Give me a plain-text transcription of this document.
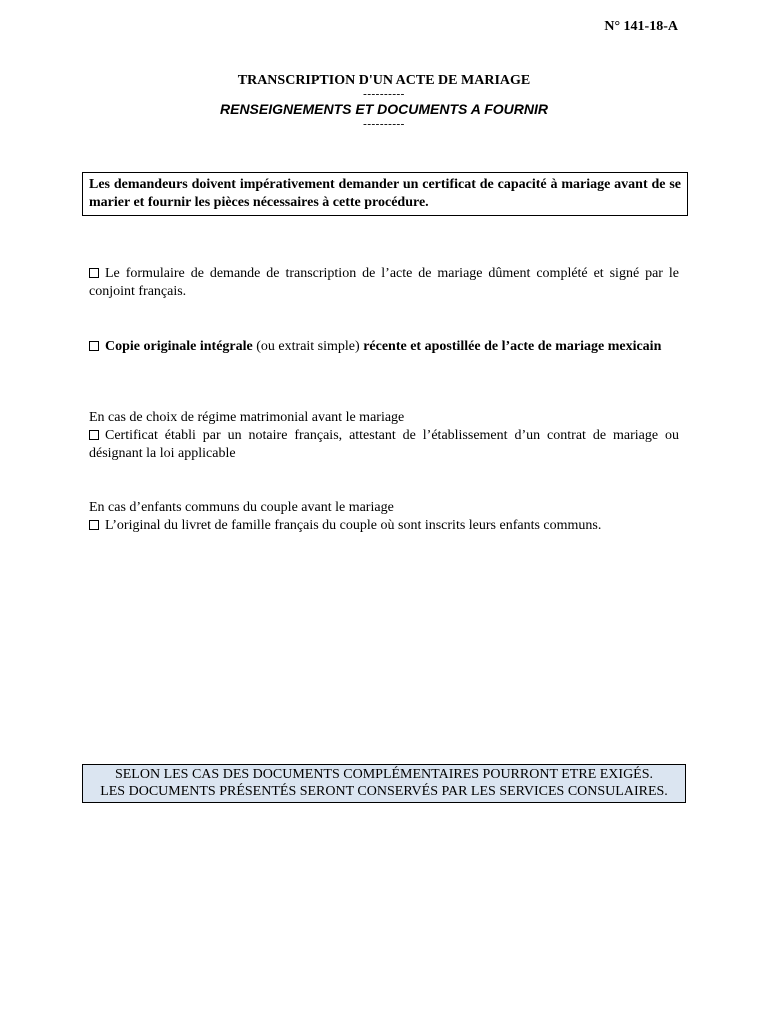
N° 141-18-A
TRANSCRIPTION D'UN ACTE DE MARIAGE
----------
RENSEIGNEMENTS ET DOCUMENTS A FOURNIR
----------
Les demandeurs doivent impérativement demander un certificat de capacité à mariage avant de se marier et fournir les pièces nécessaires à cette procédure.
Le formulaire de demande de transcription de l’acte de mariage dûment complété et signé par le conjoint français.
Copie originale intégrale (ou extrait simple) récente et apostillée de l’acte de mariage mexicain
En cas de choix de régime matrimonial avant le mariage
Certificat établi par un notaire français, attestant de l’établissement d’un contrat de mariage ou désignant la loi applicable
En cas d’enfants communs du couple avant le mariage
L’original du livret de famille français du couple où sont inscrits leurs enfants communs.
SELON LES CAS DES DOCUMENTS COMPLÉMENTAIRES POURRONT ETRE EXIGÉS.
LES DOCUMENTS PRÉSENTÉS SERONT CONSERVÉS PAR LES SERVICES CONSULAIRES.
